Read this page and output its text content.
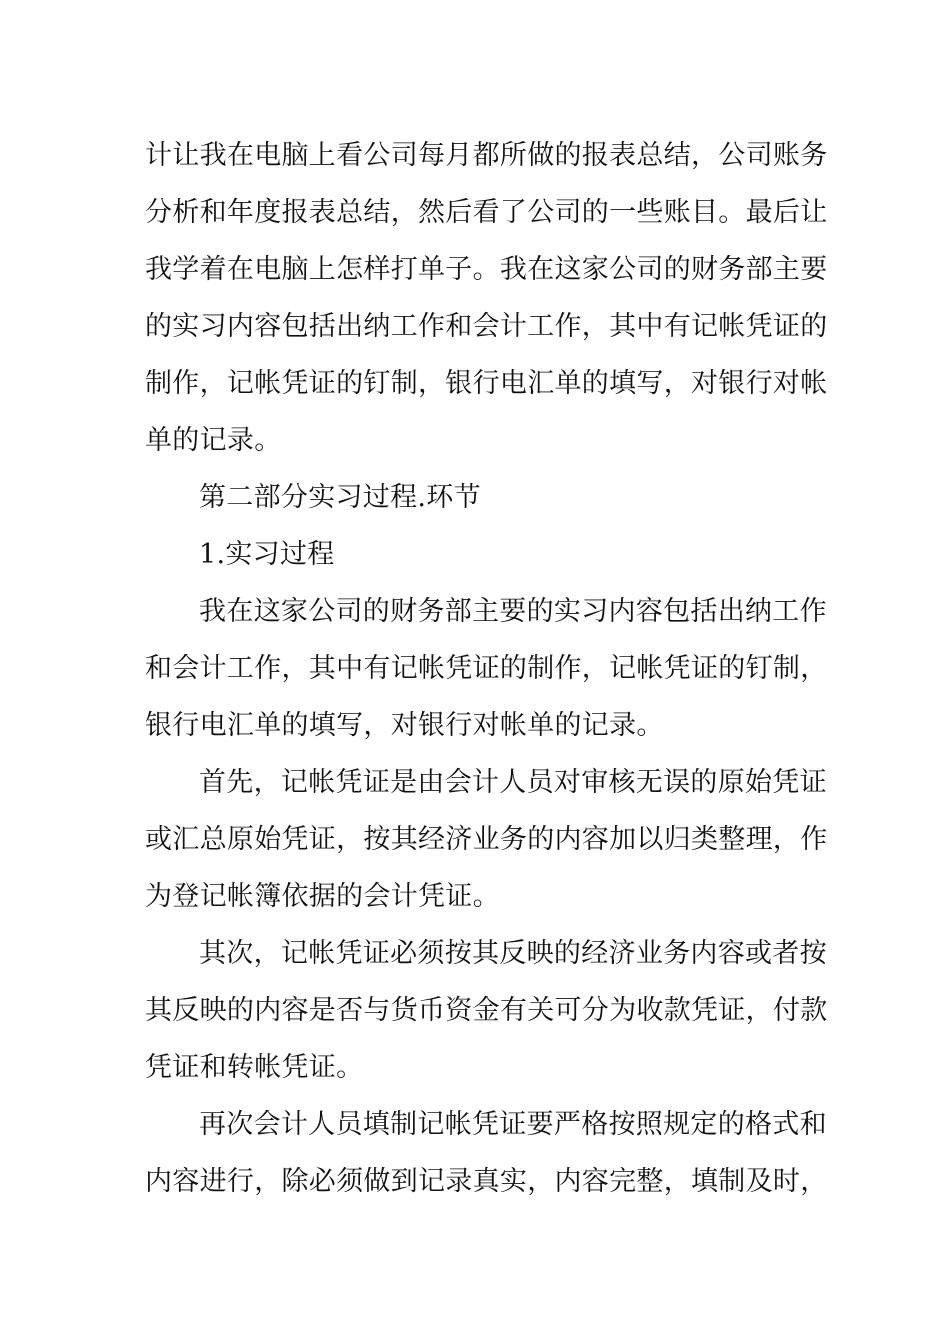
计让我在电脑上看公司每月都所做的报表总结，公司账务
分析和年度报表总结，然后看了公司的一些账目。最后让
我学着在电脑上怎样打单子。我在这家公司的财务部主要
的实习内容包括出纳工作和会计工作，其中有记帐凭证的
制作，记帐凭证的钉制，银行电汇单的填写，对银行对帐
单的记录。
第二部分实习过程.环节
1.实习过程
我在这家公司的财务部主要的实习内容包括出纳工作
和会计工作，其中有记帐凭证的制作，记帐凭证的钉制，
银行电汇单的填写，对银行对帐单的记录。
首先，记帐凭证是由会计人员对审核无误的原始凭证
或汇总原始凭证，按其经济业务的内容加以归类整理，作
为登记帐簿依据的会计凭证。
其次，记帐凭证必须按其反映的经济业务内容或者按
其反映的内容是否与货币资金有关可分为收款凭证，付款
凭证和转帐凭证。
再次会计人员填制记帐凭证要严格按照规定的格式和
内容进行，除必须做到记录真实，内容完整，填制及时，
